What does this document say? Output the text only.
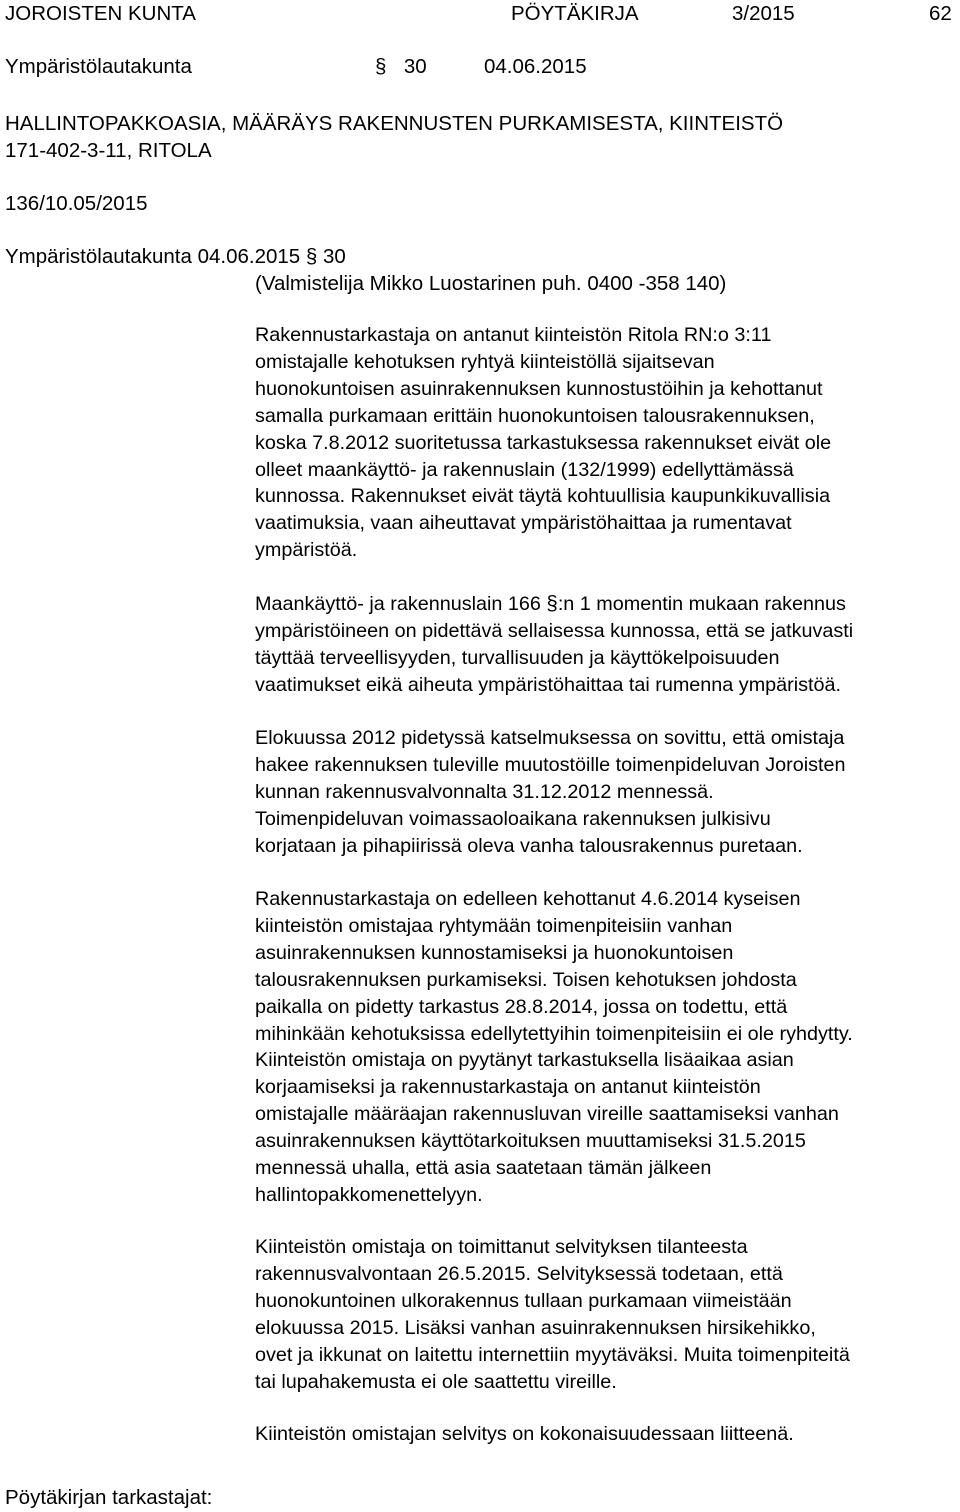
JOROISTEN KUNTA	PÖYTÄKIRJA	3/2015	62
Ympäristölautakunta	§ 30	04.06.2015
HALLINTOPAKKOASIA, MÄÄRÄYS RAKENNUSTEN PURKAMISESTA, KIINTEISTÖ
171-402-3-11, RITOLA
136/10.05/2015
Ympäristölautakunta 04.06.2015 § 30
(Valmistelija Mikko Luostarinen puh. 0400 -358 140)
Rakennustarkastaja on antanut kiinteistön Ritola RN:o 3:11
omistajalle kehotuksen ryhtyä kiinteistöllä sijaitsevan
huonokuntoisen asuinrakennuksen kunnostustöihin ja kehottanut
samalla purkamaan erittäin huonokuntoisen talousrakennuksen,
koska 7.8.2012 suoritetussa tarkastuksessa rakennukset eivät ole
olleet maankäyttö- ja rakennuslain (132/1999) edellyttämässä
kunnossa. Rakennukset eivät täytä kohtuullisia kaupunkikuvallisia
vaatimuksia, vaan aiheuttavat ympäristöhaittaa ja rumentavat
ympäristöä.
Maankäyttö- ja rakennuslain 166 §:n 1 momentin mukaan rakennus
ympäristöineen on pidettävä sellaisessa kunnossa, että se jatkuvasti
täyttää terveellisyyden, turvallisuuden ja käyttökelpoisuuden
vaatimukset eikä aiheuta ympäristöhaittaa tai rumenna ympäristöä.
Elokuussa 2012 pidetyssä katselmuksessa on sovittu, että omistaja
hakee rakennuksen tuleville muutostöille toimenpideluvan Joroisten
kunnan rakennusvalvonnalta 31.12.2012 mennessä.
Toimenpideluvan voimassaoloaikana rakennuksen julkisivu
korjataan ja pihapiirissä oleva vanha talousrakennus puretaan.
Rakennustarkastaja on edelleen kehottanut 4.6.2014 kyseisen
kiinteistön omistajaa ryhtymään toimenpiteisiin vanhan
asuinrakennuksen kunnostamiseksi ja huonokuntoisen
talousrakennuksen purkamiseksi. Toisen kehotuksen johdosta
paikalla on pidetty tarkastus 28.8.2014, jossa on todettu, että
mihinkään kehotuksissa edellytettyihin toimenpiteisiin ei ole ryhdytty.
Kiinteistön omistaja on pyytänyt tarkastuksella lisäaikaa asian
korjaamiseksi ja rakennustarkastaja on antanut kiinteistön
omistajalle määräajan rakennusluvan vireille saattamiseksi vanhan
asuinrakennuksen käyttötarkoituksen muuttamiseksi 31.5.2015
mennessä uhalla, että asia saatetaan tämän jälkeen
hallintopakkomenettelyyn.
Kiinteistön omistaja on toimittanut selvityksen tilanteesta
rakennusvalvontaan 26.5.2015. Selvityksessä todetaan, että
huonokuntoinen ulkorakennus tullaan purkamaan viimeistään
elokuussa 2015. Lisäksi vanhan asuinrakennuksen hirsikehikko,
ovet ja ikkunat on laitettu internettiin myytäväksi. Muita toimenpiteitä
tai lupahakemusta ei ole saattettu vireille.
Kiinteistön omistajan selvitys on kokonaisuudessaan liitteenä.
Pöytäkirjan tarkastajat:
